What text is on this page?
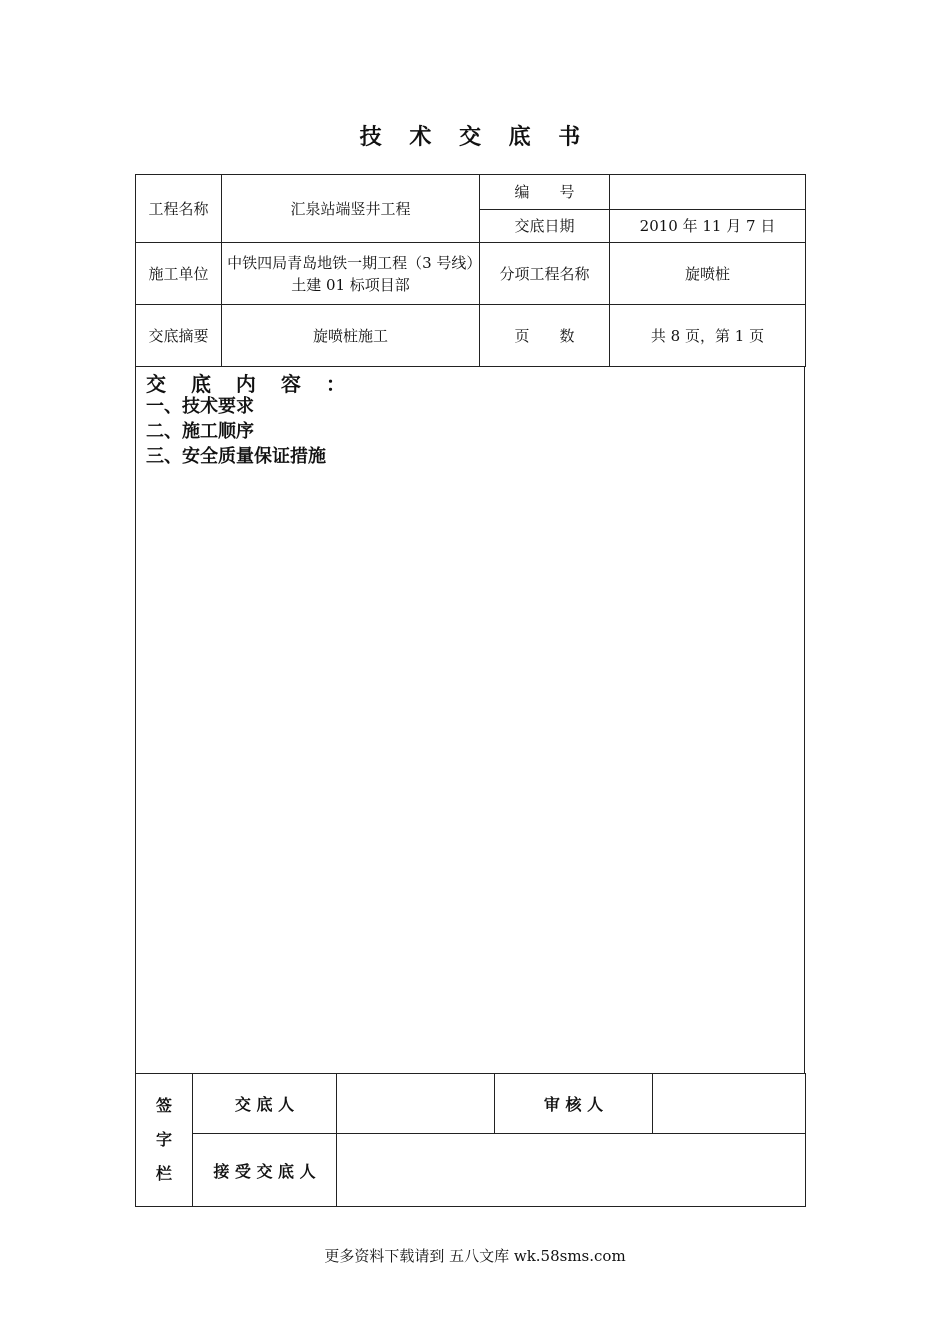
技 术 交 底 书
工程名称	汇泉站端竖井工程	编　　号	
		交底日期	2010 年 11 月 7 日
施工单位	中铁四局青岛地铁一期工程（3 号线）土建 01 标项目部	分项工程名称	旋喷桩
交底摘要	旋喷桩施工	页　　数	共 8 页，第 1 页
交 底 内 容 ：
一、技术要求
二、施工顺序
三、安全质量保证措施
签
字
栏	交 底 人		审 核 人	
	接 受 交 底 人			
更多资料下载请到 五八文库 wk.58sms.com
